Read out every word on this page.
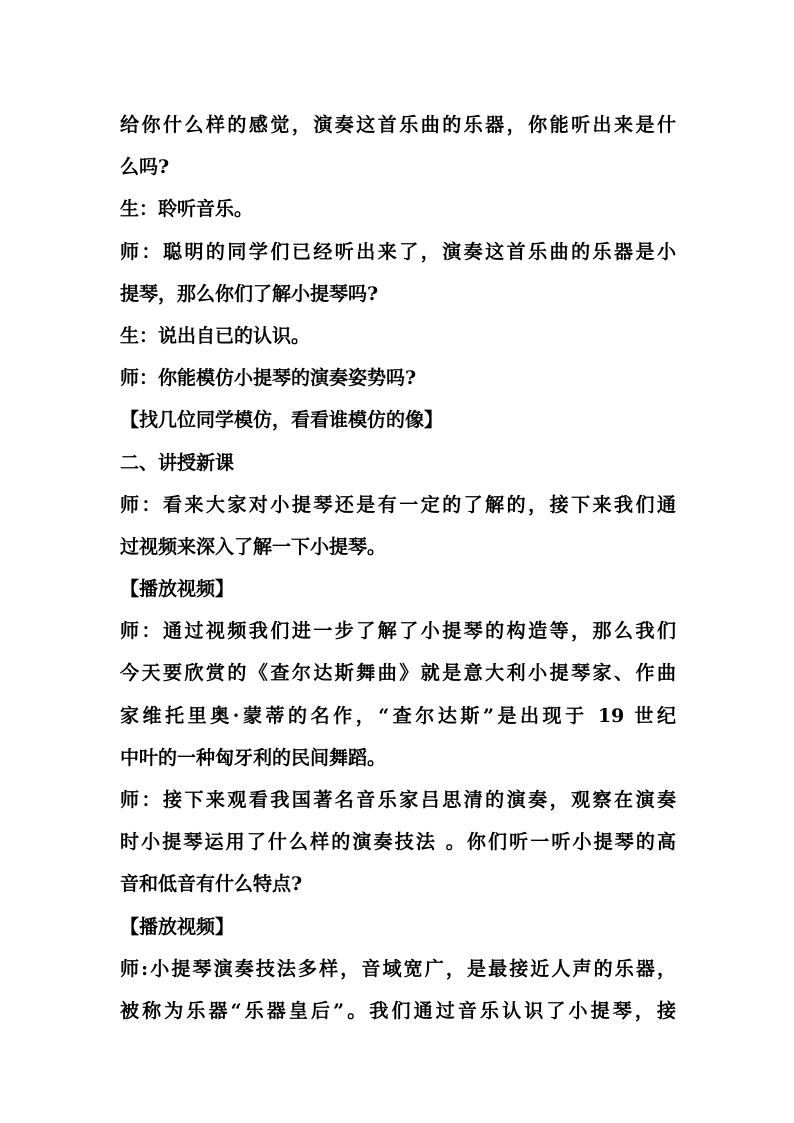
给你什么样的感觉，演奏这首乐曲的乐器，你能听出来是什
么吗?
生：聆听音乐。
师：聪明的同学们已经听出来了，演奏这首乐曲的乐器是小
提琴，那么你们了解小提琴吗?
生：说出自已的认识。
师：你能模仿小提琴的演奏姿势吗?
【找几位同学模仿，看看谁模仿的像】
二、讲授新课
师：看来大家对小提琴还是有一定的了解的，接下来我们通
过视频来深入了解一下小提琴。
【播放视频】
师：通过视频我们进一步了解了小提琴的构造等，那么我们
今天要欣赏的《查尔达斯舞曲》就是意大利小提琴家、作曲
家维托里奥·蒙蒂的名作，“查尔达斯”是出现于 19 世纪
中叶的一种匈牙利的民间舞蹈。
师：接下来观看我国著名音乐家吕思清的演奏，观察在演奏
时小提琴运用了什么样的演奏技法 。你们听一听小提琴的高
音和低音有什么特点?
【播放视频】
师:小提琴演奏技法多样，音域宽广，是最接近人声的乐器，
被称为乐器“乐器皇后”。我们通过音乐认识了小提琴，接
